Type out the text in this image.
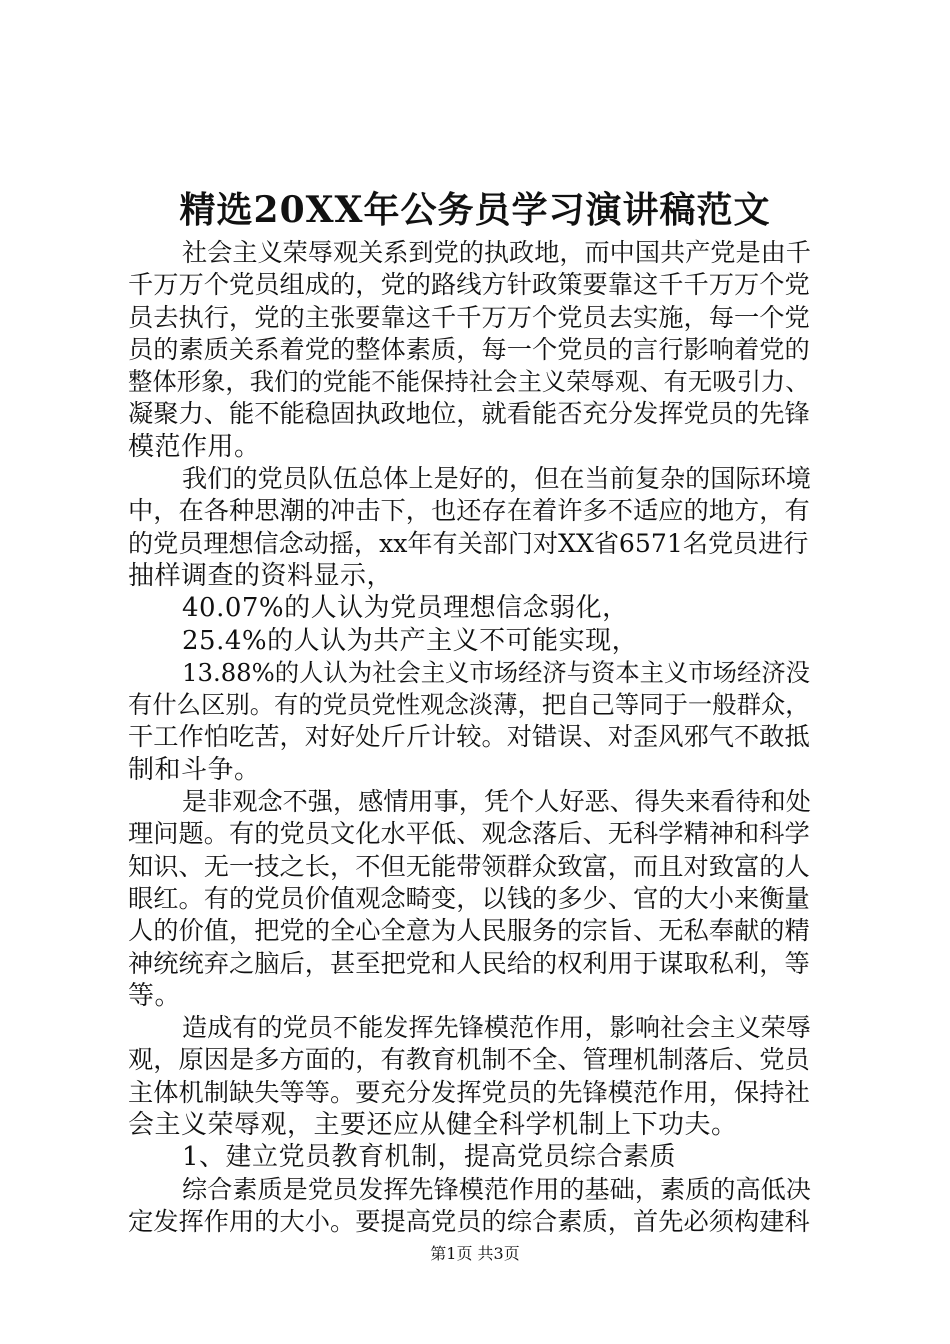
精选20XX年公务员学习演讲稿范文
社会主义荣辱观关系到党的执政地，而中国共产党是由千
千万万个党员组成的，党的路线方针政策要靠这千千万万个党
员去执行，党的主张要靠这千千万万个党员去实施，每一个党
员的素质关系着党的整体素质，每一个党员的言行影响着党的
整体形象，我们的党能不能保持社会主义荣辱观、有无吸引力、
凝聚力、能不能稳固执政地位，就看能否充分发挥党员的先锋
模范作用。
我们的党员队伍总体上是好的，但在当前复杂的国际环境
中，在各种思潮的冲击下，也还存在着许多不适应的地方，有
的党员理想信念动摇，xx年有关部门对XX省6571名党员进行
抽样调查的资料显示，
40.07%的人认为党员理想信念弱化，
25.4%的人认为共产主义不可能实现，
13.88%的人认为社会主义市场经济与资本主义市场经济没
有什么区别。有的党员党性观念淡薄，把自己等同于一般群众，
干工作怕吃苦，对好处斤斤计较。对错误、对歪风邪气不敢抵
制和斗争。
是非观念不强，感情用事，凭个人好恶、得失来看待和处
理问题。有的党员文化水平低、观念落后、无科学精神和科学
知识、无一技之长，不但无能带领群众致富，而且对致富的人
眼红。有的党员价值观念畸变，以钱的多少、官的大小来衡量
人的价值，把党的全心全意为人民服务的宗旨、无私奉献的精
神统统弃之脑后，甚至把党和人民给的权利用于谋取私利，等
等。
造成有的党员不能发挥先锋模范作用，影响社会主义荣辱
观，原因是多方面的，有教育机制不全、管理机制落后、党员
主体机制缺失等等。要充分发挥党员的先锋模范作用，保持社
会主义荣辱观，主要还应从健全科学机制上下功夫。
1、建立党员教育机制，提高党员综合素质
综合素质是党员发挥先锋模范作用的基础，素质的高低决
定发挥作用的大小。要提高党员的综合素质，首先必须构建科
第1页 共3页
